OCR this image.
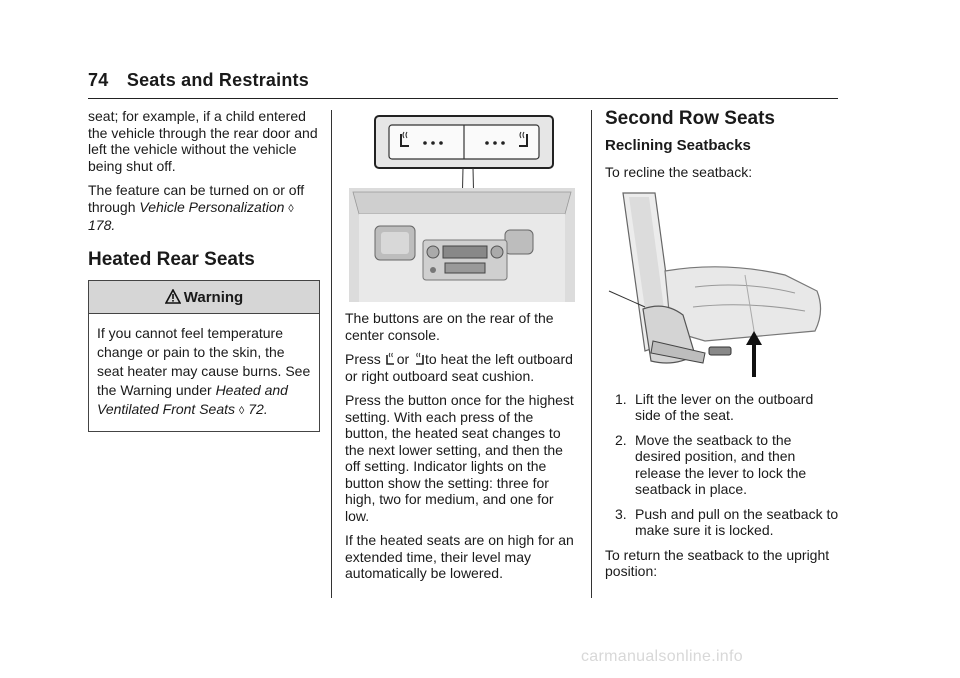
74 Seats and Restraints

seat; for example, if a child entered the vehicle through the rear door and left the vehicle without the vehicle being shut off.

The feature can be turned on or off through Vehicle Personalization ◊ 178.

Heated Rear Seats
Warning
If you cannot feel temperature change or pain to the skin, the seat heater may cause burns. See the Warning under Heated and Ventilated Front Seats ◊ 72.

The buttons are on the rear of the center console.

Press or to heat the left outboard or right outboard seat cushion.

Press the button once for the highest setting. With each press of the button, the heated seat changes to the next lower setting, and then the off setting. Indicator lights on the button show the setting: three for high, two for medium, and one for low.

If the heated seats are on high for an extended time, their level may automatically be lowered.

Second Row Seats
Reclining Seatbacks

To recline the seatback:

1. Lift the lever on the outboard side of the seat.
2. Move the seatback to the desired position, and then release the lever to lock the seatback in place.
3. Push and pull on the seatback to make sure it is locked.

To return the seatback to the upright position:

carmanualsonline.info
